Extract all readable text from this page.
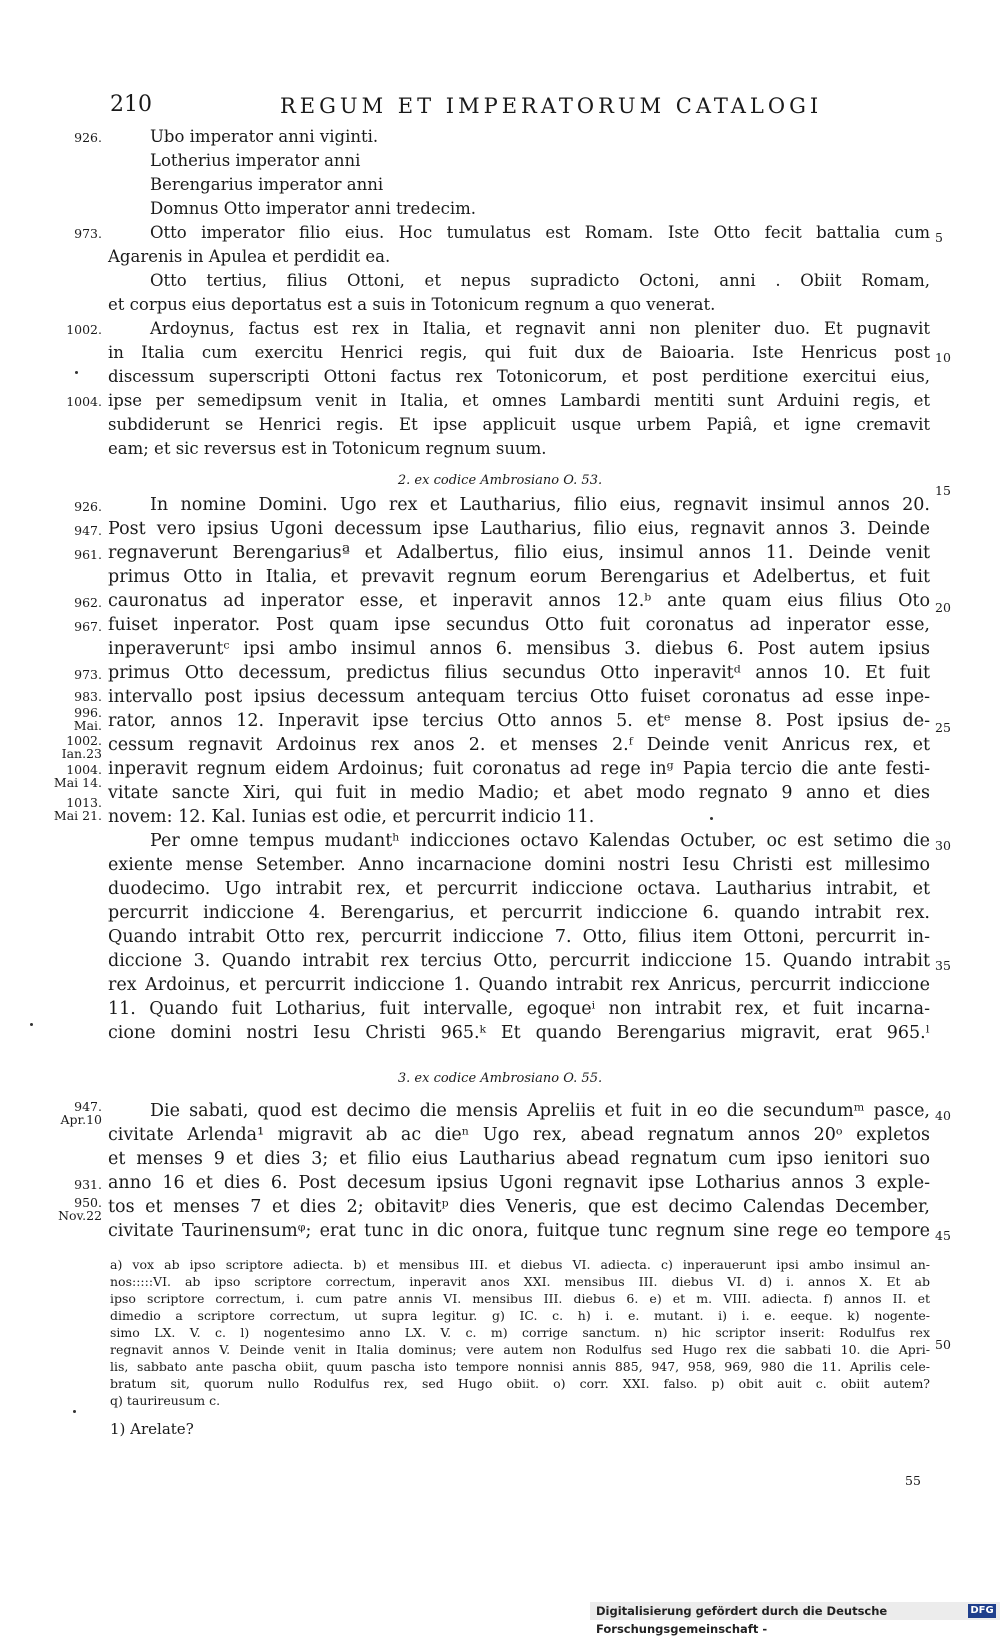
210	REGUM ET IMPERATORUM CATALOGI
Ubo imperator anni viginti.
Lotherius imperator anni
Berengarius imperator anni
Domnus Otto imperator anni tredecim.
Otto imperator filio eius. Hoc tumulatus est Romam. Iste Otto fecit battalia cum
Agarenis in Apulea et perdidit ea.
Otto tertius, filius Ottoni, et nepus supradicto Octoni, anni . Obiit Romam,
et corpus eius deportatus est a suis in Totonicum regnum a quo venerat.
Ardoynus, factus est rex in Italia, et regnavit anni non pleniter duo. Et pugnavit
in Italia cum exercitu Henrici regis, qui fuit dux de Baioaria. Iste Henricus post
discessum superscripti Ottoni factus rex Totonicorum, et post perditione exercitui eius,
ipse per semedipsum venit in Italia, et omnes Lambardi mentiti sunt Arduini regis, et
subdiderunt se Henrici regis. Et ipse applicuit usque urbem Papiâ, et igne cremavit
eam; et sic reversus est in Totonicum regnum suum.
926.
973.
1002.
1004.
5
10
2. ex codice Ambrosiano O. 53.
15
In nomine Domini. Ugo rex et Lautharius, filio eius, regnavit insimul annos 20.
Post vero ipsius Ugoni decessum ipse Lautharius, filio eius, regnavit annos 3. Deinde
regnaverunt Berengariusª et Adalbertus, filio eius, insimul annos 11. Deinde venit
primus Otto in Italia, et prevavit regnum eorum Berengarius et Adelbertus, et fuit
cauronatus ad inperator esse, et inperavit annos 12.ᵇ ante quam eius filius Oto
fuiset inperator. Post quam ipse secundus Otto fuit coronatus ad inperator esse,
inperaveruntᶜ ipsi ambo insimul annos 6. mensibus 3. diebus 6. Post autem ipsius
primus Otto decessum, predictus filius secundus Otto inperavitᵈ annos 10. Et fuit
intervallo post ipsius decessum antequam tercius Otto fuiset coronatus ad esse inpe-
rator, annos 12. Inperavit ipse tercius Otto annos 5. etᵉ mense 8. Post ipsius de-
cessum regnavit Ardoinus rex anos 2. et menses 2.ᶠ Deinde venit Anricus rex, et
inperavit regnum eidem Ardoinus; fuit coronatus ad rege inᵍ Papia tercio die ante festi-
vitate sancte Xiri, qui fuit in medio Madio; et abet modo regnato 9 anno et dies
novem: 12. Kal. Iunias est odie, et percurrit indicio 11.
Per omne tempus mudantʰ indicciones octavo Kalendas Octuber, oc est setimo die
exiente mense Setember. Anno incarnacione domini nostri Iesu Christi est millesimo
duodecimo. Ugo intrabit rex, et percurrit indiccione octava. Lautharius intrabit, et
percurrit indiccione 4. Berengarius, et percurrit indiccione 6. quando intrabit rex.
Quando intrabit Otto rex, percurrit indiccione 7. Otto, filius item Ottoni, percurrit in-
diccione 3. Quando intrabit rex tercius Otto, percurrit indiccione 15. Quando intrabit
rex Ardoinus, et percurrit indiccione 1. Quando intrabit rex Anricus, percurrit indiccione
11. Quando fuit Lotharius, fuit intervalle, egoqueⁱ non intrabit rex, et fuit incarna-
cione domini nostri Iesu Christi 965.ᵏ Et quando Berengarius migravit, erat 965.ˡ
926.
947.
961.
962.
967.
973.
983.
996.
Mai.
1002.
Ian.23
1004.
Mai 14.
1013.
Mai 21.
20
25
30
35
3. ex codice Ambrosiano O. 55.
Die sabati, quod est decimo die mensis Apreliis et fuit in eo die secundumᵐ pasce,
civitate Arlenda¹ migravit ab ac dieⁿ Ugo rex, abead regnatum annos 20ᵒ expletos
et menses 9 et dies 3; et filio eius Lautharius abead regnatum cum ipso ienitori suo
anno 16 et dies 6. Post decesum ipsius Ugoni regnavit ipse Lotharius annos 3 exple-
tos et menses 7 et dies 2; obitavitᵖ dies Veneris, que est decimo Calendas December,
civitate Taurinensumᵠ; erat tunc in dic onora, fuitque tunc regnum sine rege eo tempore
947.
Apr.10
931.
950.
Nov.22
40
45
a) vox ab ipso scriptore adiecta. b) et mensibus III. et diebus VI. adiecta. c) inperauerunt ipsi ambo insimul an-
nos:::::VI. ab ipso scriptore correctum, inperavit anos XXI. mensibus III. diebus VI. d) i. annos X. Et ab
ipso scriptore correctum, i. cum patre annis VI. mensibus III. diebus 6. e) et m. VIII. adiecta. f) annos II. et
dimedio a scriptore correctum, ut supra legitur. g) IC. c. h) i. e. mutant. i) i. e. eeque. k) nogente-
simo LX. V. c. l) nogentesimo anno LX. V. c. m) corrige sanctum. n) hic scriptor inserit: Rodulfus rex
regnavit annos V. Deinde venit in Italia dominus; vere autem non Rodulfus sed Hugo rex die sabbati 10. die Apri-
lis, sabbato ante pascha obiit, quum pascha isto tempore nonnisi annis 885, 947, 958, 969, 980 die 11. Aprilis cele-
bratum sit, quorum nullo Rodulfus rex, sed Hugo obiit. o) corr. XXI. falso. p) obit auit c. obiit autem?
q) taurireusum c.
50
1) Arelate?
55
Digitalisierung gefördert durch die Deutsche Forschungsgemeinschaft -
DFG
